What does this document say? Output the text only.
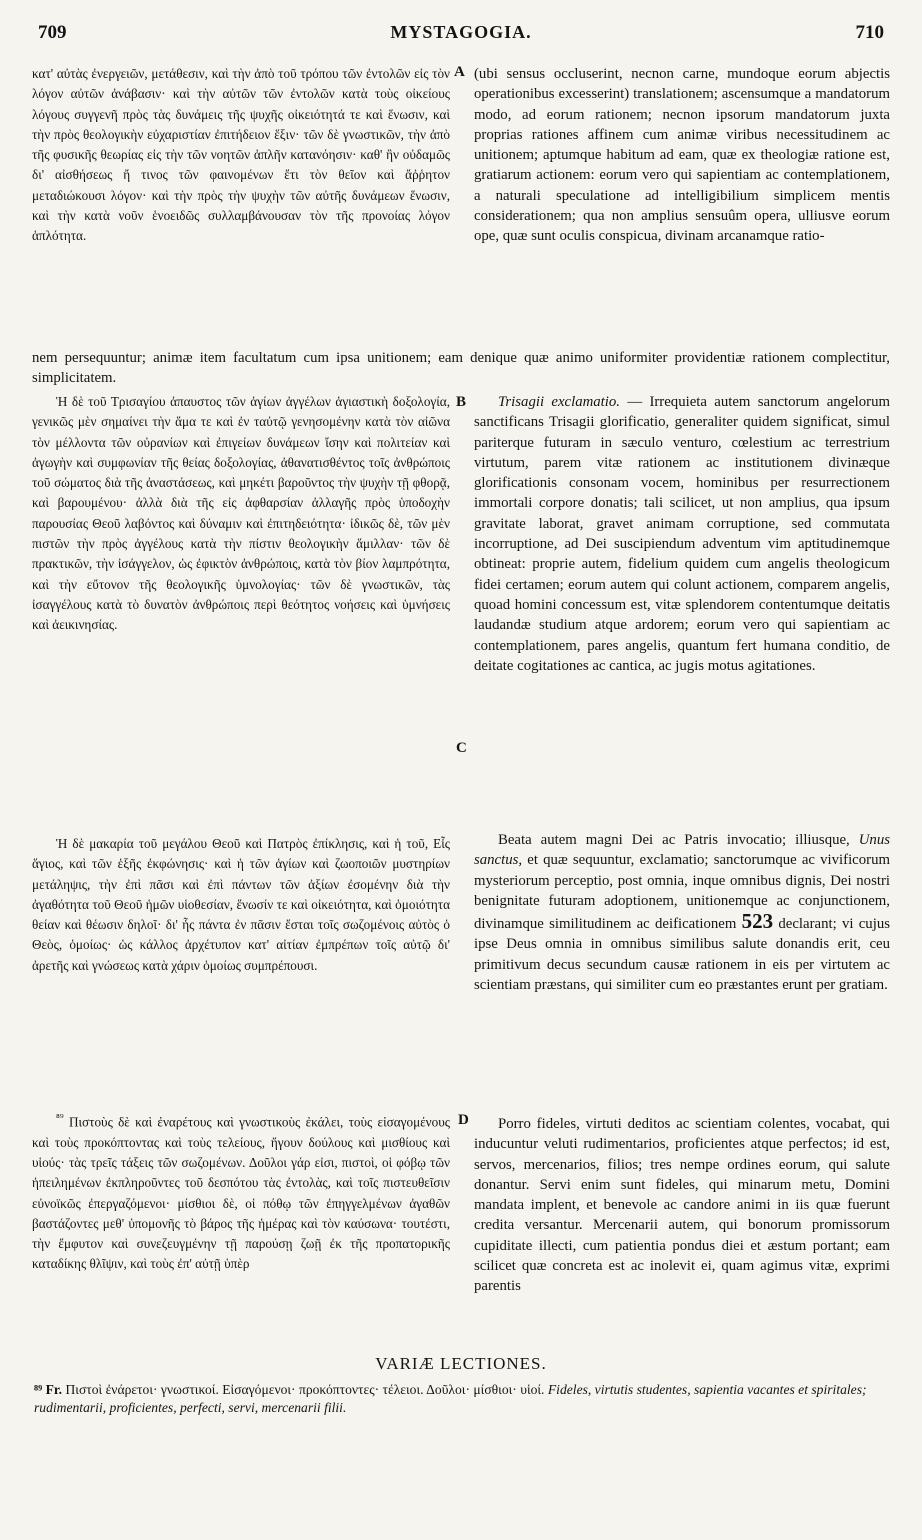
709	MYSTAGOGIA.	710

κατ' αὐτὰς ἐνεργειῶν, μετάθεσιν, καὶ τὴν ἀπὸ τοῦ τρόπου τῶν ἐντολῶν εἰς τὸν λόγον αὐτῶν ἀνάβασιν· καὶ τὴν αὐτῶν τῶν ἐντολῶν κατὰ τοὺς οἰκείους λόγους συγγενῆ πρὸς τὰς δυνάμεις τῆς ψυχῆς οἰκειότητά τε καὶ ἕνωσιν, καὶ τὴν πρὸς θεολογικὴν εὐχαριστίαν ἐπιτήδειον ἕξιν· τῶν δὲ γνωστικῶν, τὴν ἀπὸ τῆς φυσικῆς θεωρίας εἰς τὴν τῶν νοητῶν ἁπλῆν κατανόησιν· καθ' ἣν οὐδαμῶς δι' αἰσθήσεως ἤ τινος τῶν φαινομένων ἔτι τὸν θεῖον καὶ ἄῤῥητον μεταδιώκουσι λόγον· καὶ τὴν πρὸς τὴν ψυχὴν τῶν αὐτῆς δυνάμεων ἕνωσιν, καὶ τὴν κατὰ νοῦν ἑνοειδῶς συλλαμβάνουσαν τὸν τῆς προνοίας λόγον ἁπλότητα.

A (ubi sensus occluserint, necnon carne, mundoque eorum abjectis operationibus excesserint) translationem; ascensumque a mandatorum modo, ad eorum rationem; necnon ipsorum mandatorum juxta proprias rationes affinem cum animæ viribus necessitudinem ac unitionem; aptumque habitum ad eam, quæ ex theologiæ ratione est, gratiarum actionem: eorum vero qui sapientiam ac contemplationem, a naturali speculatione ad intelligibilium simplicem mentis considerationem; qua non amplius sensuûm opera, ulliusve eorum ope, quæ sunt oculis conspicua, divinam arcanamque ratio-

nem persequuntur; animæ item facultatum cum ipsa unitionem; eam denique quæ animo uniformiter providentiæ rationem complectitur, simplicitatem.

Ἡ δὲ τοῦ Τρισαγίου ἀπαυστος τῶν ἁγίων ἀγγέλων ἁγιαστικὴ δοξολογία, γενικῶς μὲν σημαίνει τὴν ἅμα τε καὶ ἐν ταὐτῷ γενησομένην κατὰ τὸν αἰῶνα τὸν μέλλοντα τῶν οὐρανίων καὶ ἐπιγείων δυνάμεων ἴσην καὶ πολιτείαν καὶ ἀγωγὴν καὶ συμφωνίαν τῆς θείας δοξολογίας, ἀθανατισθέντος τοῖς ἀνθρώποις τοῦ σώματος διὰ τῆς ἀναστάσεως, καὶ μηκέτι βαροῦντος τὴν ψυχὴν τῇ φθορᾷ, καὶ βαρουμένου· ἀλλὰ διὰ τῆς εἰς ἀφθαρσίαν ἀλλαγῆς πρὸς ὑποδοχὴν παρουσίας Θεοῦ λαβόντος καὶ δύναμιν καὶ ἐπιτηδειότητα· ἰδικῶς δὲ, τῶν μὲν πιστῶν τὴν πρὸς ἀγγέλους κατὰ τὴν πίστιν θεολογικὴν ἅμιλλαν· τῶν δὲ πρακτικῶν, τὴν ἰσάγγελον, ὡς ἐφικτὸν ἀνθρώποις, κατὰ τὸν βίον λαμπρότητα, καὶ τὴν εὔτονον τῆς θεολογικῆς ὑμνολογίας· τῶν δὲ γνωστικῶν, τὰς ἰσαγγέλους κατὰ τὸ δυνατὸν ἀνθρώποις περὶ θεότητος νοήσεις καὶ ὑμνήσεις καὶ ἀεικινησίας.

B	Trisagii exclamatio. — Irrequieta autem sanctorum angelorum sanctificans Trisagii glorificatio, generaliter quidem significat, simul pariterque futuram in sæculo venturo, cœlestium ac terrestrium virtutum, parem vitæ rationem ac institutionem divinæque glorificationis consonam vocem, hominibus per resurrectionem immortali corpore donatis; tali scilicet, ut non amplius, qua ipsum gravitate laborat, gravet animam corruptione, sed commutata incorruptione, ad Dei suscipiendum adventum vim aptitudinemque obtineat: proprie autem, fidelium quidem cum angelis theologicum fidei certamen; eorum autem qui colunt actionem, comparem angelis, quoad homini concessum est, vitæ splendorem contentumque deitatis laudandæ studium atque ardorem; eorum vero qui sapientiam ac contemplationem, pares angelis, quantum fert humana conditio, de deitate cogitationes ac cantica, ac jugis motus agitationes.

C

Ἡ δὲ μακαρία τοῦ μεγάλου Θεοῦ καὶ Πατρὸς ἐπίκλησις, καὶ ἡ τοῦ, Εἷς ἅγιος, καὶ τῶν ἑξῆς ἐκφώνησις· καὶ ἡ τῶν ἁγίων καὶ ζωοποιῶν μυστηρίων μετάληψις, τὴν ἐπὶ πᾶσι καὶ ἐπὶ πάντων τῶν ἀξίων ἐσομένην διὰ τὴν ἀγαθότητα τοῦ Θεοῦ ἡμῶν υἱοθεσίαν, ἕνωσίν τε καὶ οἰκειότητα, καὶ ὁμοιότητα θείαν καὶ θέωσιν δηλοῖ· δι' ἧς πάντα ἐν πᾶσιν ἔσται τοῖς σωζομένοις αὐτὸς ὁ Θεὸς, ὁμοίως· ὡς κάλλος ἀρχέτυπον κατ' αἰτίαν ἐμπρέπων τοῖς αὐτῷ δι' ἀρετῆς καὶ γνώσεως κατὰ χάριν ὁμοίως συμπρέπουσι.

Beata autem magni Dei ac Patris invocatio; illiusque, Unus sanctus, et quæ sequuntur, exclamatio; sanctorumque ac vivificorum mysteriorum perceptio, post omnia, inque omnibus dignis, Dei nostri benignitate futuram adoptionem, unitionemque ac conjunctionem, divinamque similitudinem ac deificationem 523 declarant; vi cujus ipse Deus omnia in omnibus similibus salute donandis erit, ceu primitivum decus secundum causæ rationem in eis per virtutem ac scientiam præstans, qui similiter cum eo præstantes erunt per gratiam.

D

$^{^{89}}$ Πιστοὺς δὲ καὶ ἐναρέτους καὶ γνωστικοὺς ἐκάλει, τοὺς εἰσαγομένους καὶ τοὺς προκόπτοντας καὶ τοὺς τελείους, ἤγουν δούλους καὶ μισθίους καὶ υἱούς· τὰς τρεῖς τάξεις τῶν σωζομένων. Δοῦλοι γάρ εἰσι, πιστοὶ, οἱ φόβῳ τῶν ἠπειλημένων ἐκπληροῦντες τοῦ δεσπότου τὰς ἐντολὰς, καὶ τοῖς πιστευθεῖσιν εὐνοϊκῶς ἐπεργαζόμενοι· μίσθιοι δὲ, οἱ πόθῳ τῶν ἐπηγγελμένων ἀγαθῶν βαστάζοντες μεθ' ὑπομονῆς τὸ βάρος τῆς ἡμέρας καὶ τὸν καύσωνα· τουτέστι, τὴν ἔμφυτον καὶ συνεζευγμένην τῇ παρούσῃ ζωῇ ἐκ τῆς προπατορικῆς καταδίκης θλῖψιν, καὶ τοὺς ἐπ' αὐτῇ ὑπὲρ

Porro fideles, virtuti deditos ac scientiam colentes, vocabat, qui inducuntur veluti rudimentarios, proficientes atque perfectos; id est, servos, mercenarios, filios; tres nempe ordines eorum, qui salute donantur. Servi enim sunt fideles, qui minarum metu, Domini mandata implent, et benevole ac candore animi in iis quæ fuerunt credita versantur. Mercenarii autem, qui bonorum promissorum cupiditate illecti, cum patientia pondus diei et æstum portant; eam scilicet quæ concreta est ac inolevit ei, quam agimus vitæ, exprimi parentis

VARIÆ LECTIONES.
⁸⁹ Fr. Πιστοὶ ἐνάρετοι· γνωστικοί. Εἰσαγόμενοι· προκόπτοντες· τέλειοι. Δοῦλοι· μίσθιοι· υἱοί. Fideles, virtutis studentes, sapientia vacantes et spiritales; rudimentarii, proficientes, perfecti, servi, mercenarii filii.
